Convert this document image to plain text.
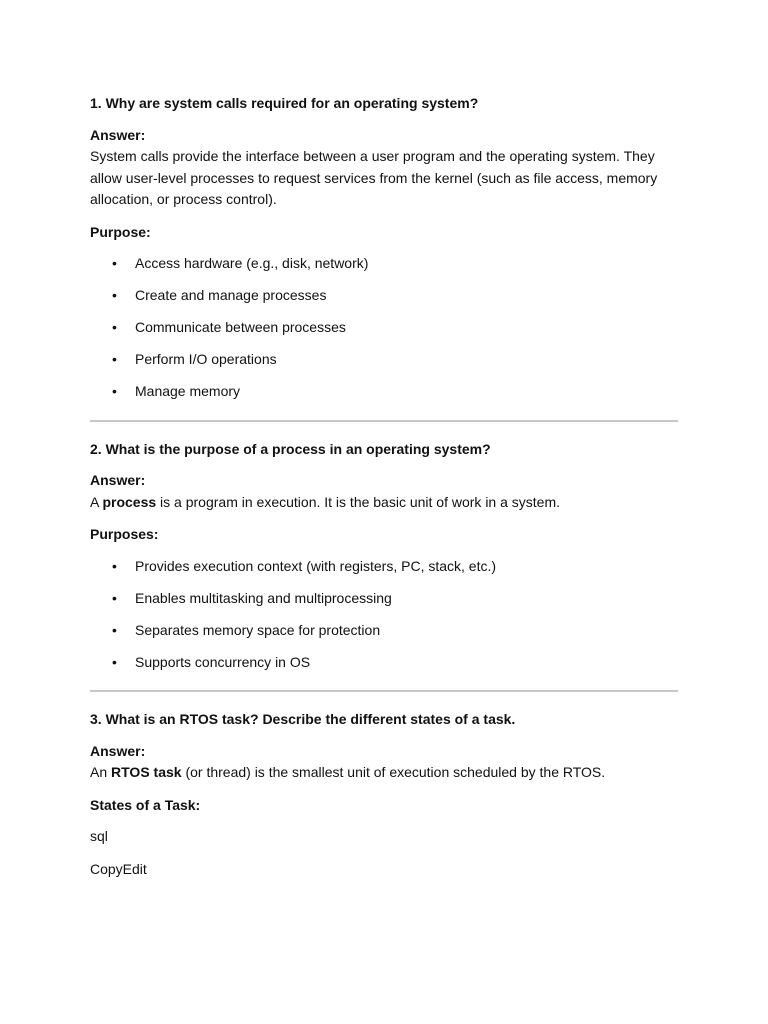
1. Why are system calls required for an operating system?

Answer:

System calls provide the interface between a user program and the operating system. They allow user-level processes to request services from the kernel (such as file access, memory allocation, or process control).

Purpose:

• Access hardware (e.g., disk, network)
• Create and manage processes
• Communicate between processes
• Perform I/O operations
• Manage memory

2. What is the purpose of a process in an operating system?

Answer:

A process is a program in execution. It is the basic unit of work in a system.

Purposes:

• Provides execution context (with registers, PC, stack, etc.)
• Enables multitasking and multiprocessing
• Separates memory space for protection
• Supports concurrency in OS

3. What is an RTOS task? Describe the different states of a task.

Answer:

An RTOS task (or thread) is the smallest unit of execution scheduled by the RTOS.

States of a Task:

sql

CopyEdit
